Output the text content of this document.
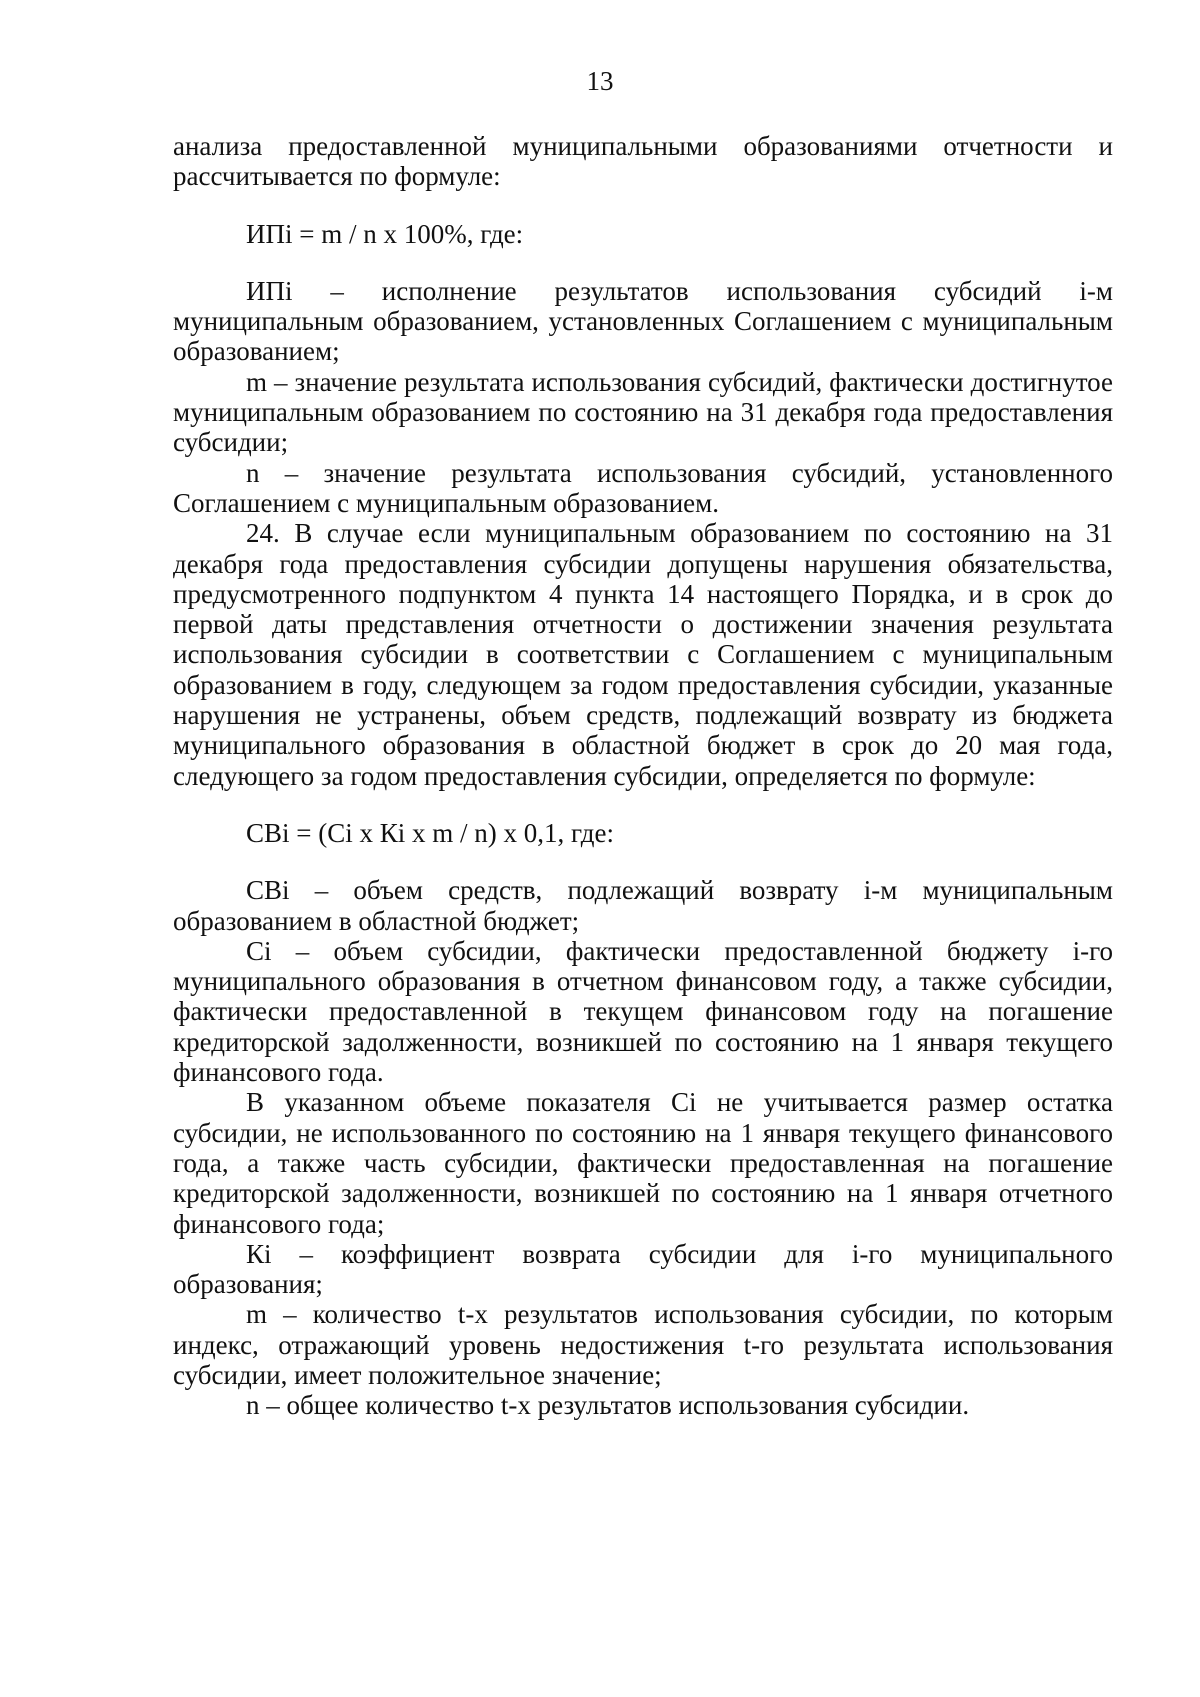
13

анализа предоставленной муниципальными образованиями отчетности и рассчитывается по формуле:

ИПi = m / n x 100%, где:

ИПi – исполнение результатов использования субсидий i-м муниципальным образованием, установленных Соглашением с муниципальным образованием;

m – значение результата использования субсидий, фактически достигнутое муниципальным образованием по состоянию на 31 декабря года предоставления субсидии;

n – значение результата использования субсидий, установленного Соглашением с муниципальным образованием.

24. В случае если муниципальным образованием по состоянию на 31 декабря года предоставления субсидии допущены нарушения обязательства, предусмотренного подпунктом 4 пункта 14 настоящего Порядка, и в срок до первой даты представления отчетности о достижении значения результата использования субсидии в соответствии с Соглашением с муниципальным образованием в году, следующем за годом предоставления субсидии, указанные нарушения не устранены, объем средств, подлежащий возврату из бюджета муниципального образования в областной бюджет в срок до 20 мая года, следующего за годом предоставления субсидии, определяется по формуле:

СВi = (Сi x Кi x m / n) x 0,1, где:

СВi – объем средств, подлежащий возврату i-м муниципальным образованием в областной бюджет;

Сi – объем субсидии, фактически предоставленной бюджету i-го муниципального образования в отчетном финансовом году, а также субсидии, фактически предоставленной в текущем финансовом году на погашение кредиторской задолженности, возникшей по состоянию на 1 января текущего финансового года.

В указанном объеме показателя Сi не учитывается размер остатка субсидии, не использованного по состоянию на 1 января текущего финансового года, а также часть субсидии, фактически предоставленная на погашение кредиторской задолженности, возникшей по состоянию на 1 января отчетного финансового года;

Кi – коэффициент возврата субсидии для i-го муниципального образования;

m – количество t-х результатов использования субсидии, по которым индекс, отражающий уровень недостижения t-го результата использования субсидии, имеет положительное значение;

n – общее количество t-х результатов использования субсидии.
